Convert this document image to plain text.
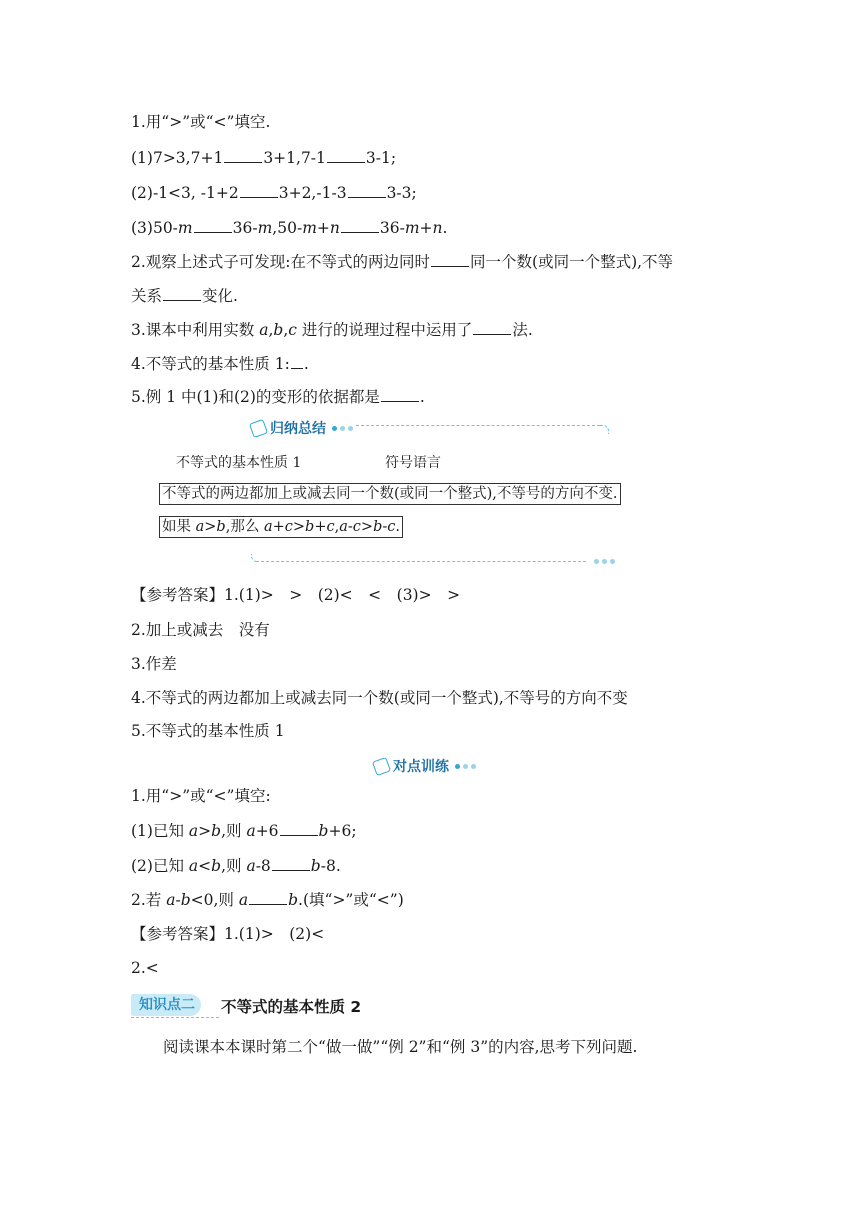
1.用“>”或“<”填空.
(1)7>3,7+1	3+1,7-1	3-1;
(2)-1<3, -1+2	3+2,-1-3	3-3;
(3)50-m	36-m,50-m+n	36-m+n.
2.观察上述式子可发现:在不等式的两边同时	同一个数(或同一个整式),不等
关系	变化.
3.课本中利用实数 a,b,c 进行的说理过程中运用了	法.
4.不等式的基本性质 1: .
5.例 1 中(1)和(2)的变形的依据都是	.
归纳总结
不等式的基本性质 1	符号语言
不等式的两边都加上或减去同一个数(或同一个整式),不等号的方向不变.
如果 a>b,那么 a+c>b+c,a-c>b-c.
【参考答案】1.(1)>　>　(2)<　<　(3)>　>
2.加上或减去　没有
3.作差
4.不等式的两边都加上或减去同一个数(或同一个整式),不等号的方向不变
5.不等式的基本性质 1
对点训练
1.用“>”或“<”填空:
(1)已知 a>b,则 a+6	b+6;
(2)已知 a<b,则 a-8	b-8.
2.若 a-b<0,则 a	b.(填“>”或“<”)
【参考答案】1.(1)>　(2)<
2.<
知识点二	不等式的基本性质 2
阅读课本本课时第二个“做一做”“例 2”和“例 3”的内容,思考下列问题.
